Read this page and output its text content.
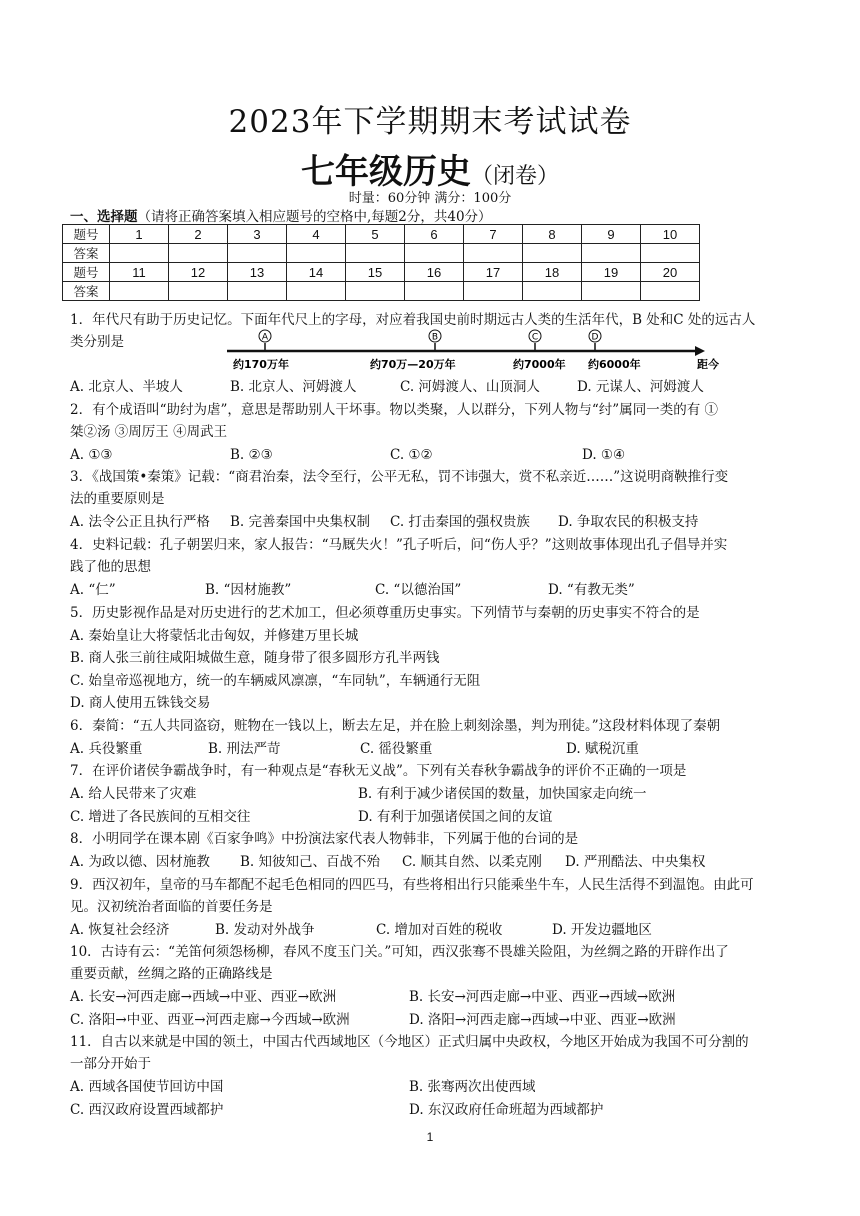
2023年下学期期末考试试卷
七年级历史（闭卷）
时量：60分钟 满分：100分
一、选择题（请将正确答案填入相应题号的空格中,每题2分，共40分）
题号	1	2	3	4	5	6	7	8	9	10
答案										
题号	11	12	13	14	15	16	17	18	19	20
答案										
1．年代尺有助于历史记忆。下面年代尺上的字母，对应着我国史前时期远古人类的生活年代，B 处和C 处的远古人
类分别是	A	B	C	D
约170万年	约70万—20万年	约7000年 约6000年	距今
A. 北京人、半坡人	B. 北京人、河姆渡人	C. 河姆渡人、山顶洞人	D. 元谋人、河姆渡人
2．有个成语叫“助纣为虐”，意思是帮助别人干坏事。物以类聚，人以群分，下列人物与“纣”属同一类的有 ①
桀②汤 ③周厉王 ④周武王
A. ①③	B. ②③	C. ①②	D. ①④
3．《战国策•秦策》记载：“商君治秦，法令至行，公平无私，罚不讳强大，赏不私亲近……”这说明商鞅推行变
法的重要原则是
A. 法令公正且执行严格 B. 完善秦国中央集权制 C. 打击秦国的强权贵族 D. 争取农民的积极支持
4．史料记载：孔子朝罢归来，家人报告：“马厩失火！”孔子听后，问“伤人乎？”这则故事体现出孔子倡导并实
践了他的思想
A. “仁”	B. “因材施教”	C. “以德治国”	D. “有教无类”
5．历史影视作品是对历史进行的艺术加工，但必须尊重历史事实。下列情节与秦朝的历史事实不符合的是
A. 秦始皇让大将蒙恬北击匈奴，并修建万里长城
B. 商人张三前往咸阳城做生意，随身带了很多圆形方孔半两钱
C. 始皇帝巡视地方，统一的车辆威风凛凛，“车同轨”，车辆通行无阻
D. 商人使用五铢钱交易
6．秦简：“五人共同盗窃，赃物在一钱以上，断去左足，并在脸上刺刻涂墨，判为刑徒。”这段材料体现了秦朝
A. 兵役繁重	B. 刑法严苛	C. 徭役繁重	D. 赋税沉重
7．在评价诸侯争霸战争时，有一种观点是“春秋无义战”。下列有关春秋争霸战争的评价不正确的一项是
A. 给人民带来了灾难	B. 有利于减少诸侯国的数量，加快国家走向统一
C. 增进了各民族间的互相交往	D. 有利于加强诸侯国之间的友谊
8．小明同学在课本剧《百家争鸣》中扮演法家代表人物韩非，下列属于他的台词的是
A. 为政以德、因材施教 B. 知彼知己、百战不殆 C. 顺其自然、以柔克刚 D. 严刑酷法、中央集权
9．西汉初年，皇帝的马车都配不起毛色相同的四匹马，有些将相出行只能乘坐牛车，人民生活得不到温饱。由此可
见。汉初统治者面临的首要任务是
A. 恢复社会经济	B. 发动对外战争	C. 增加对百姓的税收	D. 开发边疆地区
10．古诗有云：“羌笛何须怨杨柳，春风不度玉门关。”可知，西汉张骞不畏雄关险阻，为丝绸之路的开辟作出了
重要贡献，丝绸之路的正确路线是
A. 长安→河西走廊→西域→中亚、西亚→欧洲	B. 长安→河西走廊→中亚、西亚→西域→欧洲
C. 洛阳→中亚、西亚→河西走廊→今西域→欧洲	D. 洛阳→河西走廊→西域→中亚、西亚→欧洲
11．自古以来就是中国的领土，中国古代西域地区（今地区）正式归属中央政权，今地区开始成为我国不可分割的
一部分开始于
A. 西域各国使节回访中国	B. 张骞两次出使西域
C. 西汉政府设置西域都护	D. 东汉政府任命班超为西域都护
1
